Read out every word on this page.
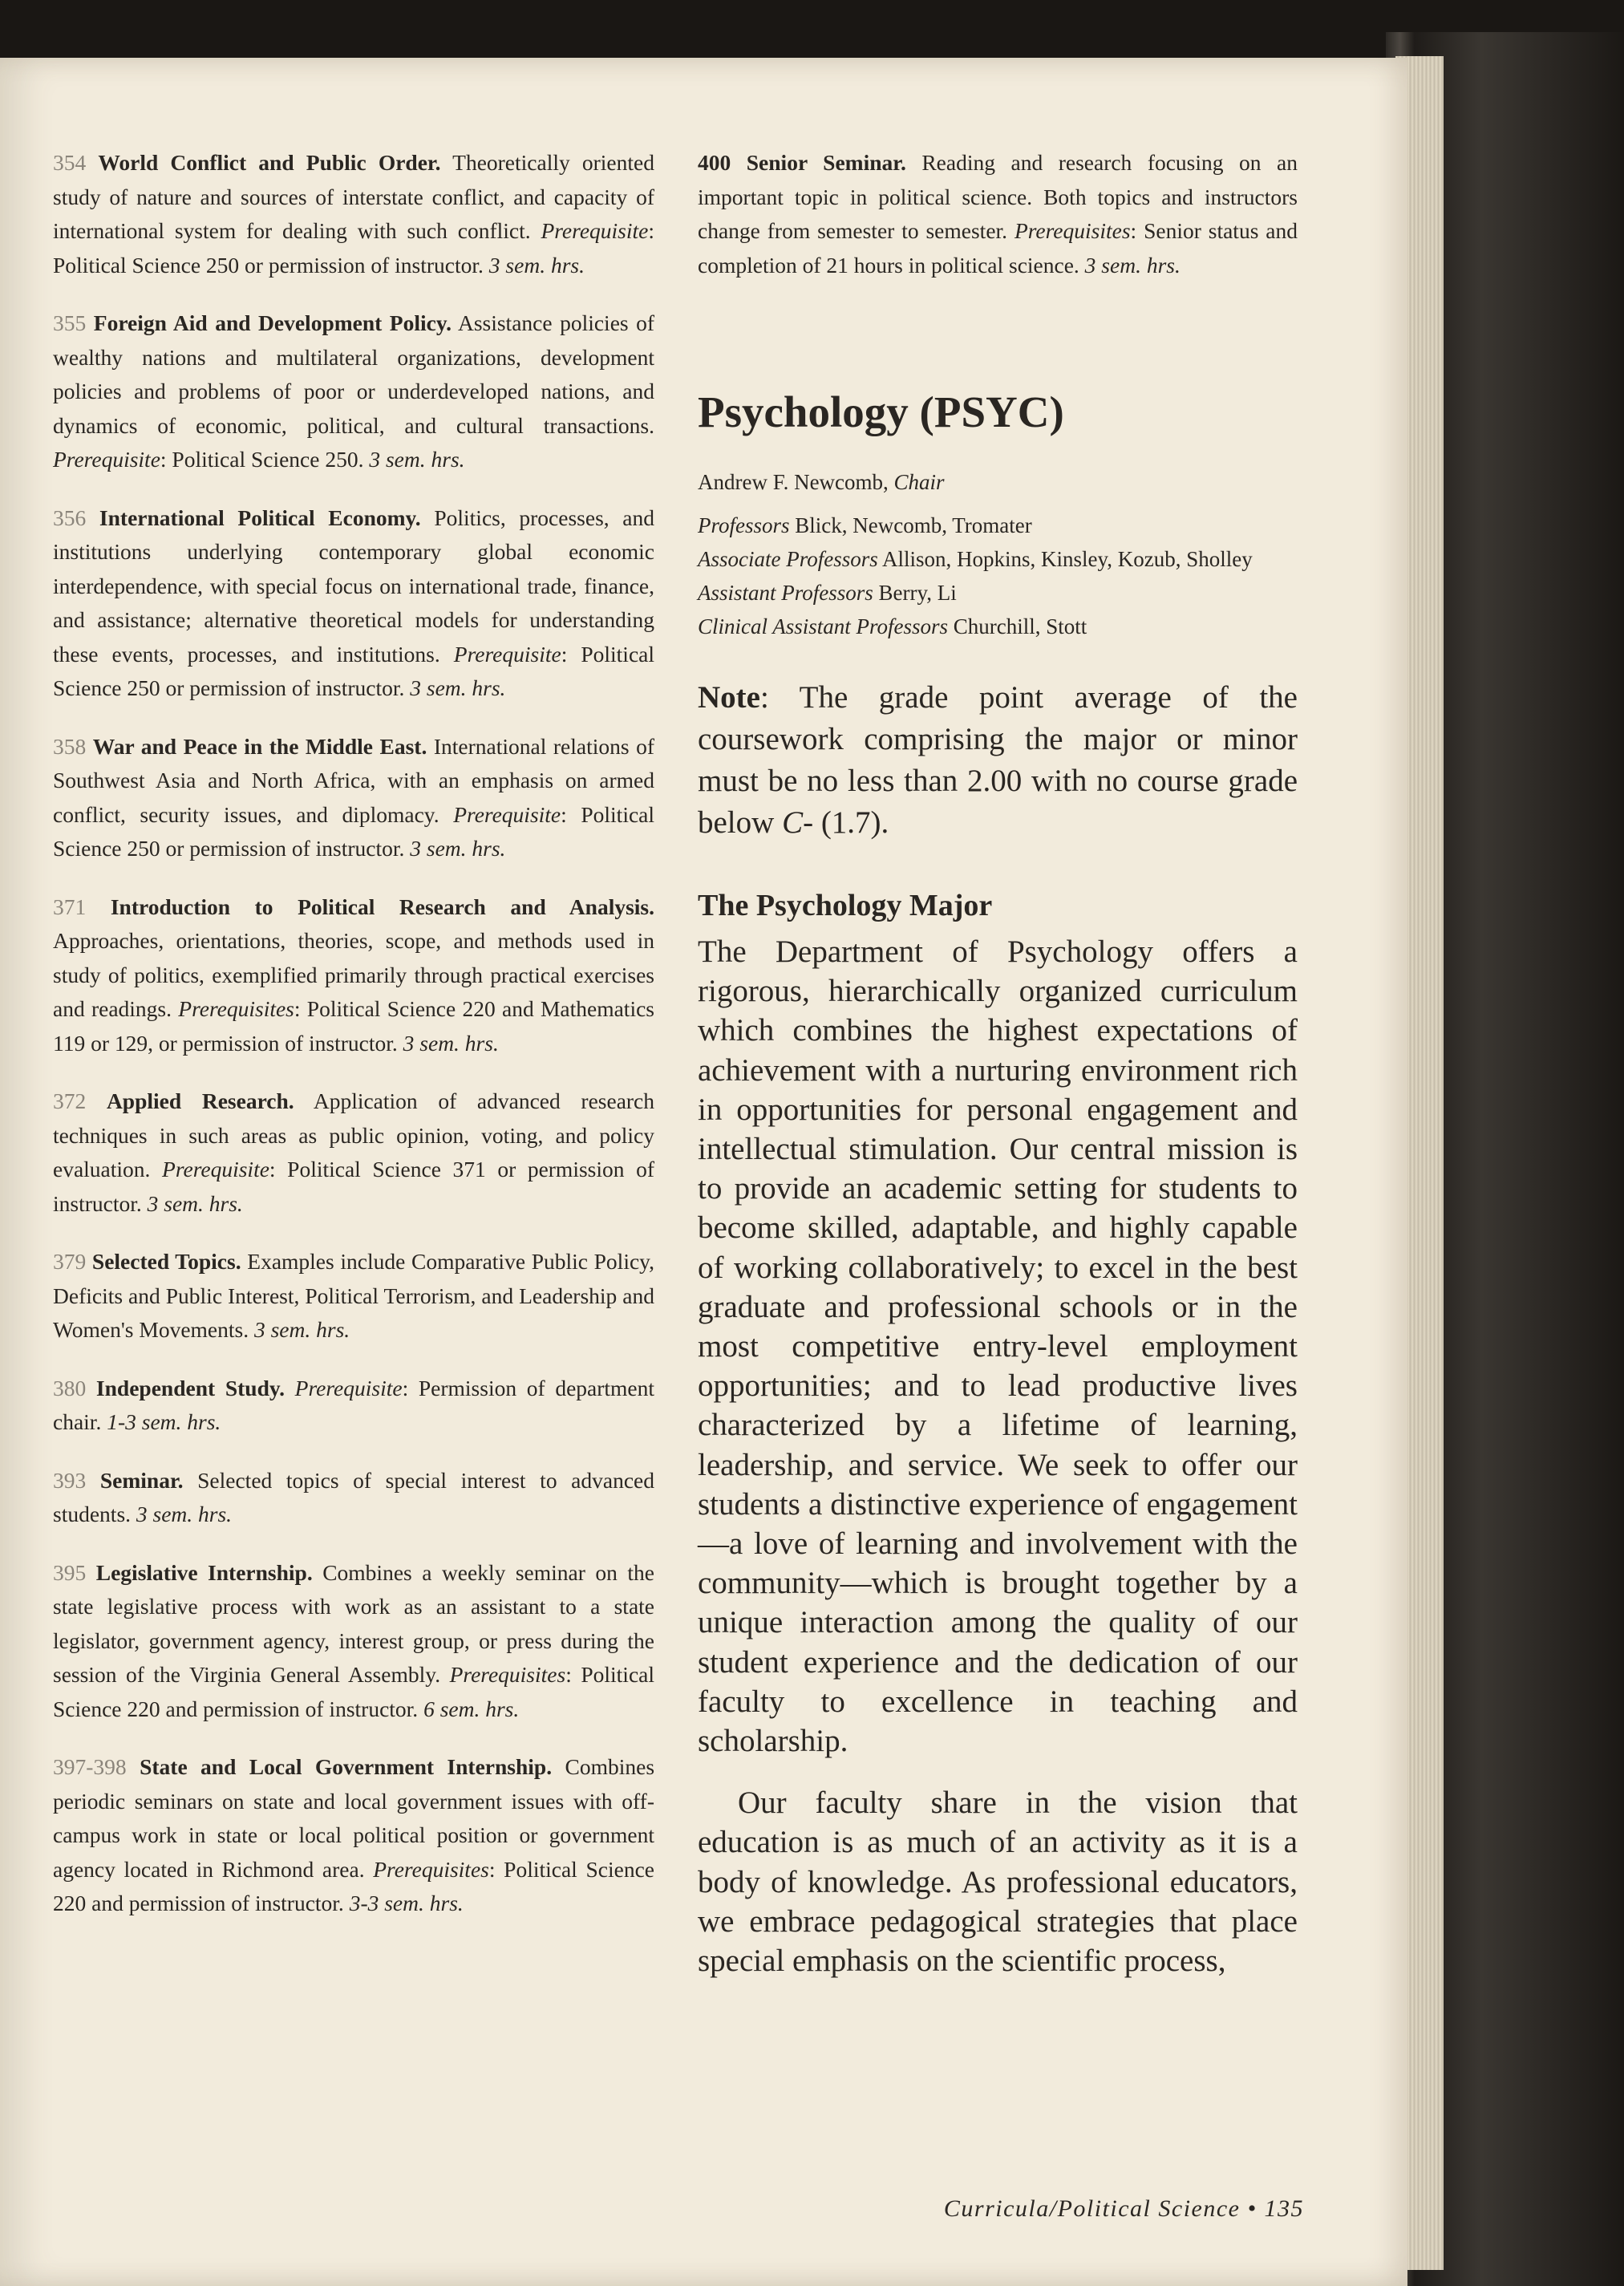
354 World Conflict and Public Order. Theoretically oriented study of nature and sources of interstate conflict, and capacity of international system for dealing with such conflict. Prerequisite: Political Science 250 or permission of instructor. 3 sem. hrs.

355 Foreign Aid and Development Policy. Assistance policies of wealthy nations and multilateral organizations, development policies and problems of poor or underdeveloped nations, and dynamics of economic, political, and cultural transactions. Prerequisite: Political Science 250. 3 sem. hrs.

356 International Political Economy. Politics, processes, and institutions underlying contemporary global economic interdependence, with special focus on international trade, finance, and assistance; alternative theoretical models for understanding these events, processes, and institutions. Prerequisite: Political Science 250 or permission of instructor. 3 sem. hrs.

358 War and Peace in the Middle East. International relations of Southwest Asia and North Africa, with an emphasis on armed conflict, security issues, and diplomacy. Prerequisite: Political Science 250 or permission of instructor. 3 sem. hrs.

371 Introduction to Political Research and Analysis. Approaches, orientations, theories, scope, and methods used in study of politics, exemplified primarily through practical exercises and readings. Prerequisites: Political Science 220 and Mathematics 119 or 129, or permission of instructor. 3 sem. hrs.

372 Applied Research. Application of advanced research techniques in such areas as public opinion, voting, and policy evaluation. Prerequisite: Political Science 371 or permission of instructor. 3 sem. hrs.

379 Selected Topics. Examples include Comparative Public Policy, Deficits and Public Interest, Political Terrorism, and Leadership and Women's Movements. 3 sem. hrs.

380 Independent Study. Prerequisite: Permission of department chair. 1-3 sem. hrs.

393 Seminar. Selected topics of special interest to advanced students. 3 sem. hrs.

395 Legislative Internship. Combines a weekly seminar on the state legislative process with work as an assistant to a state legislator, government agency, interest group, or press during the session of the Virginia General Assembly. Prerequisites: Political Science 220 and permission of instructor. 6 sem. hrs.

397-398 State and Local Government Internship. Combines periodic seminars on state and local government issues with off-campus work in state or local political position or government agency located in Richmond area. Prerequisites: Political Science 220 and permission of instructor. 3-3 sem. hrs.

400 Senior Seminar. Reading and research focusing on an important topic in political science. Both topics and instructors change from semester to semester. Prerequisites: Senior status and completion of 21 hours in political science. 3 sem. hrs.

Psychology (PSYC)
Andrew F. Newcomb, Chair
Professors Blick, Newcomb, Tromater
Associate Professors Allison, Hopkins, Kinsley, Kozub, Sholley
Assistant Professors Berry, Li
Clinical Assistant Professors Churchill, Stott

Note: The grade point average of the coursework comprising the major or minor must be no less than 2.00 with no course grade below C- (1.7).

The Psychology Major

The Department of Psychology offers a rigorous, hierarchically organized curriculum which combines the highest expectations of achievement with a nurturing environment rich in opportunities for personal engagement and intellectual stimulation. Our central mission is to provide an academic setting for students to become skilled, adaptable, and highly capable of working collaboratively; to excel in the best graduate and professional schools or in the most competitive entry-level employment opportunities; and to lead productive lives characterized by a lifetime of learning, leadership, and service. We seek to offer our students a distinctive experience of engagement—a love of learning and involvement with the community—which is brought together by a unique interaction among the quality of our student experience and the dedication of our faculty to excellence in teaching and scholarship.

Our faculty share in the vision that education is as much of an activity as it is a body of knowledge. As professional educators, we embrace pedagogical strategies that place special emphasis on the scientific process,

Curricula/Political Science • 135
